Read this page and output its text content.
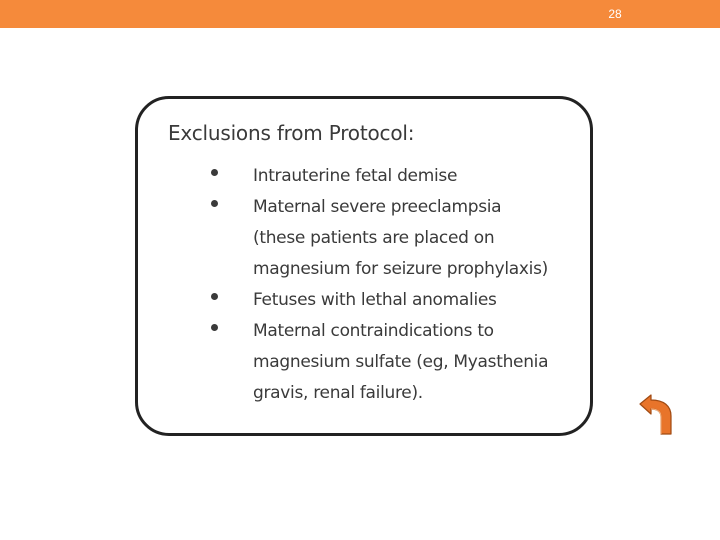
28
Exclusions from Protocol:
Intrauterine fetal demise
Maternal severe preeclampsia
(these patients are placed on
magnesium for seizure prophylaxis)
Fetuses with lethal anomalies
Maternal contraindications to
magnesium sulfate (eg, Myasthenia
gravis, renal failure).
